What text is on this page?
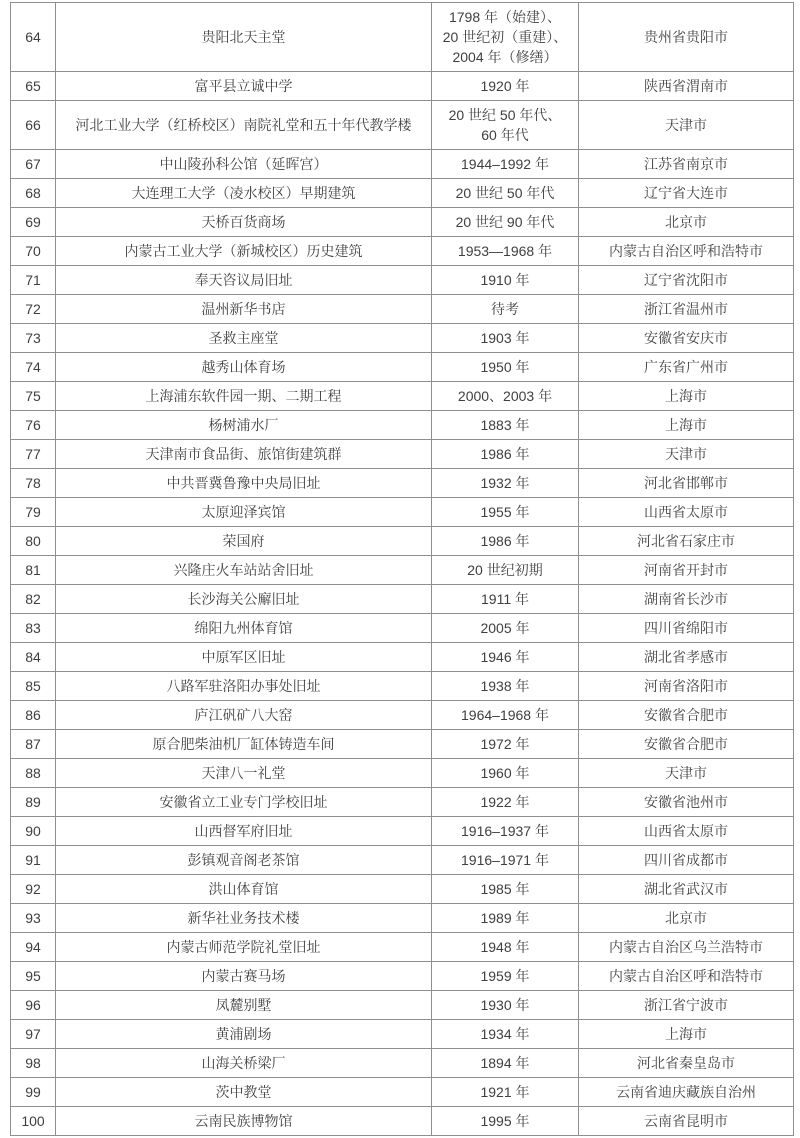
64	贵阳北天主堂	1798 年（始建）、20 世纪初（重建）、2004 年（修缮）	贵州省贵阳市
65	富平县立诚中学	1920 年	陕西省渭南市
66	河北工业大学（红桥校区）南院礼堂和五十年代教学楼	20 世纪 50 年代、60 年代	天津市
67	中山陵孙科公馆（延晖宫）	1944–1992 年	江苏省南京市
68	大连理工大学（凌水校区）早期建筑	20 世纪 50 年代	辽宁省大连市
69	天桥百货商场	20 世纪 90 年代	北京市
70	内蒙古工业大学（新城校区）历史建筑	1953—1968 年	内蒙古自治区呼和浩特市
71	奉天咨议局旧址	1910 年	辽宁省沈阳市
72	温州新华书店	待考	浙江省温州市
73	圣救主座堂	1903 年	安徽省安庆市
74	越秀山体育场	1950 年	广东省广州市
75	上海浦东软件园一期、二期工程	2000、2003 年	上海市
76	杨树浦水厂	1883 年	上海市
77	天津南市食品街、旅馆街建筑群	1986 年	天津市
78	中共晋冀鲁豫中央局旧址	1932 年	河北省邯郸市
79	太原迎泽宾馆	1955 年	山西省太原市
80	荣国府	1986 年	河北省石家庄市
81	兴隆庄火车站站舍旧址	20 世纪初期	河南省开封市
82	长沙海关公廨旧址	1911 年	湖南省长沙市
83	绵阳九州体育馆	2005 年	四川省绵阳市
84	中原军区旧址	1946 年	湖北省孝感市
85	八路军驻洛阳办事处旧址	1938 年	河南省洛阳市
86	庐江矾矿八大窑	1964–1968 年	安徽省合肥市
87	原合肥柴油机厂缸体铸造车间	1972 年	安徽省合肥市
88	天津八一礼堂	1960 年	天津市
89	安徽省立工业专门学校旧址	1922 年	安徽省池州市
90	山西督军府旧址	1916–1937 年	山西省太原市
91	彭镇观音阁老茶馆	1916–1971 年	四川省成都市
92	洪山体育馆	1985 年	湖北省武汉市
93	新华社业务技术楼	1989 年	北京市
94	内蒙古师范学院礼堂旧址	1948 年	内蒙古自治区乌兰浩特市
95	内蒙古赛马场	1959 年	内蒙古自治区呼和浩特市
96	凤麓别墅	1930 年	浙江省宁波市
97	黄浦剧场	1934 年	上海市
98	山海关桥梁厂	1894 年	河北省秦皇岛市
99	茨中教堂	1921 年	云南省迪庆藏族自治州
100	云南民族博物馆	1995 年	云南省昆明市
